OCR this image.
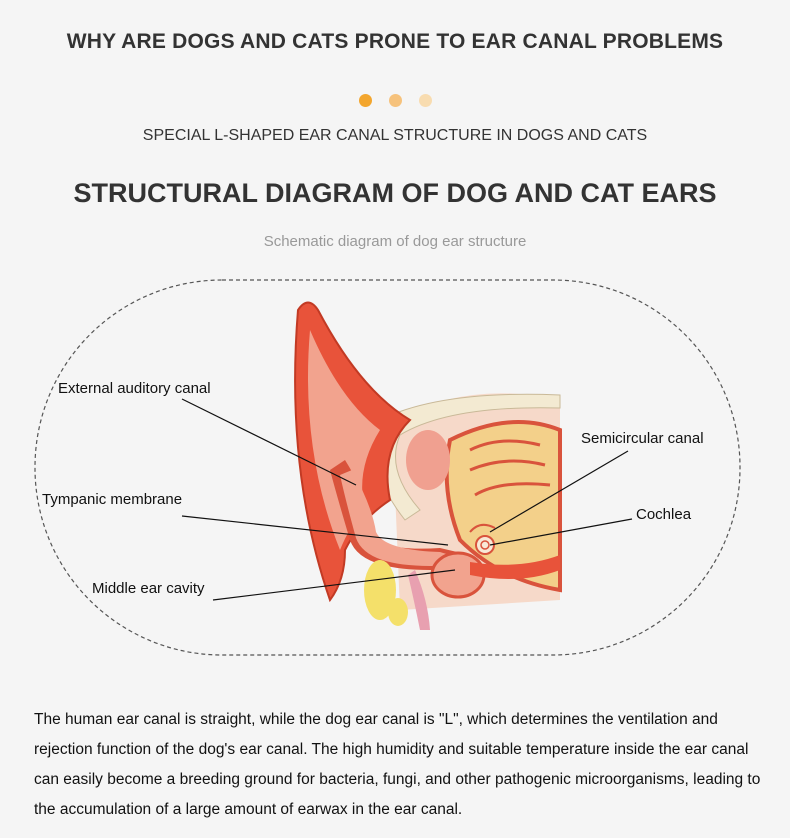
WHY ARE DOGS AND CATS PRONE TO EAR CANAL PROBLEMS
SPECIAL L-SHAPED EAR CANAL STRUCTURE IN DOGS AND CATS
STRUCTURAL DIAGRAM OF DOG AND CAT EARS
Schematic diagram of dog ear structure
External auditory canal
Tympanic membrane
Middle ear cavity
Semicircular canal
Cochlea
The human ear canal is straight, while the dog ear canal is "L", which determines the ventilation and rejection function of the dog's ear canal. The high humidity and suitable temperature inside the ear canal can easily become a breeding ground for bacteria, fungi, and other pathogenic microorganisms, leading to the accumulation of a large amount of earwax in the ear canal.
